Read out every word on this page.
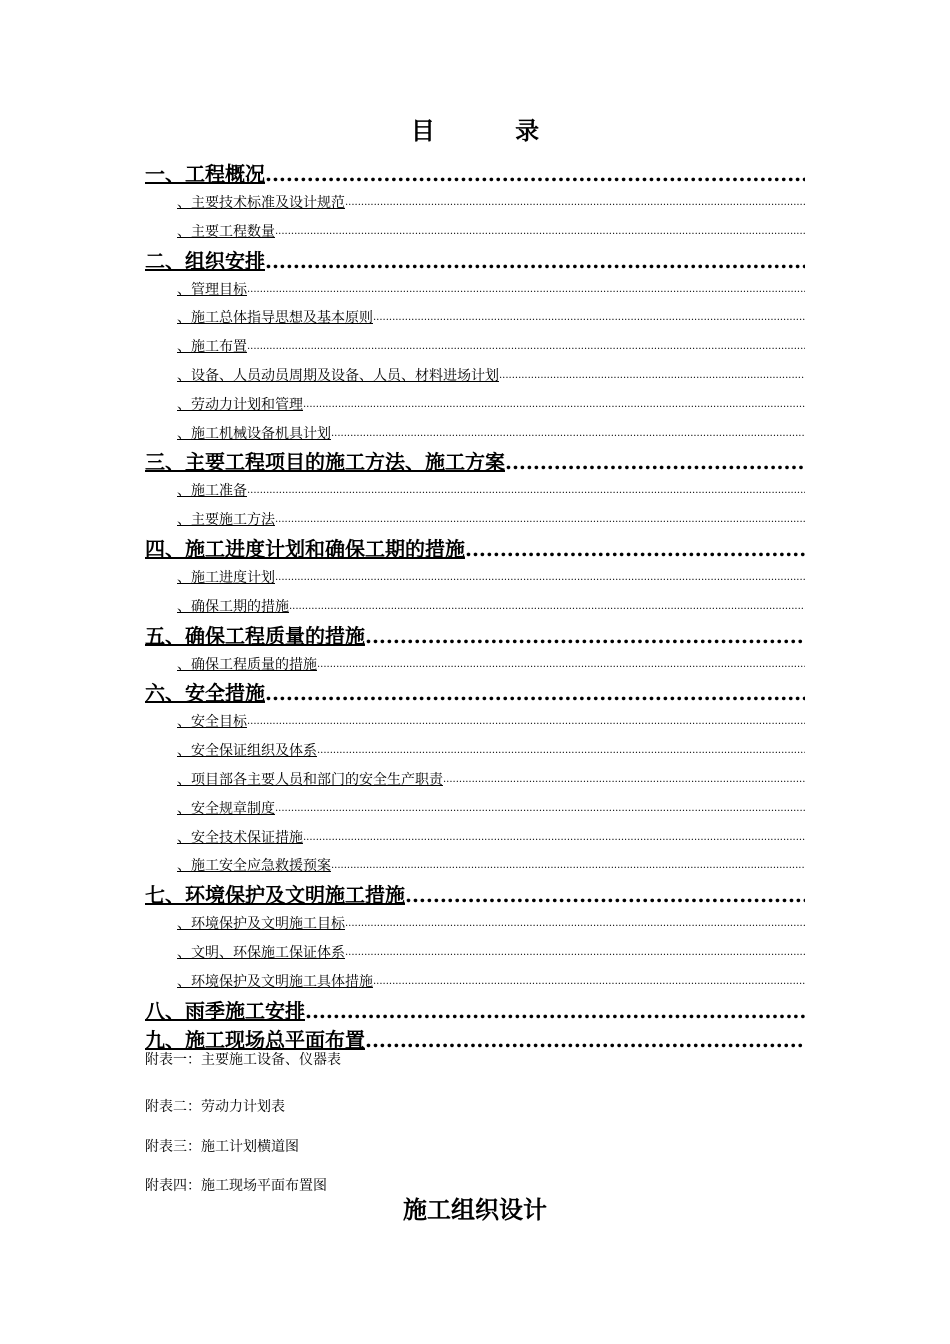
目 录
一、工程概况
.....
、主要技术标准及设计规范
.....
、主要工程数量
.....
二、组织安排
.....
、管理目标
.....
、施工总体指导思想及基本原则
.....
、施工布置
.....
、设备、人员动员周期及设备、人员、材料进场计划
.....
、劳动力计划和管理
.....
、施工机械设备机具计划
.....
三、主要工程项目的施工方法、施工方案
.....
、施工准备
.....
、主要施工方法
.....
四、施工进度计划和确保工期的措施
.....
、施工进度计划
.....
、确保工期的措施
.....
五、确保工程质量的措施
.....
、确保工程质量的措施
.....
六、安全措施
.....
、安全目标
.....
、安全保证组织及体系
.....
、项目部各主要人员和部门的安全生产职责
.....
、安全规章制度
.....
、安全技术保证措施
.....
、施工安全应急救援预案
.....
七、环境保护及文明施工措施
.....
、环境保护及文明施工目标
.....
、文明、环保施工保证体系
.....
、环境保护及文明施工具体措施
.....
八、雨季施工安排
.....
九、施工现场总平面布置
.....
附表一：主要施工设备、仪器表
附表二：劳动力计划表
附表三：施工计划横道图
附表四：施工现场平面布置图
施工组织设计
